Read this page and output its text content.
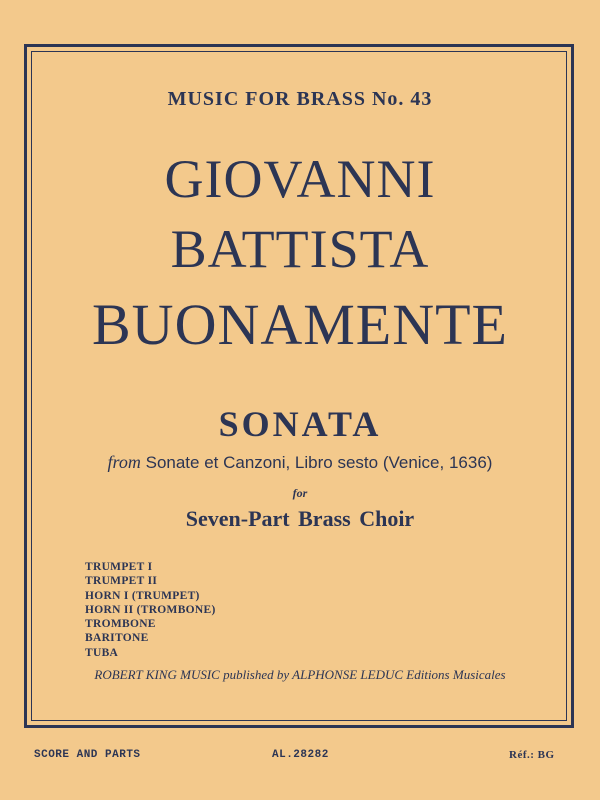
MUSIC FOR BRASS No. 43
GIOVANNI
BATTISTA
BUONAMENTE
SONATA
from Sonate et Canzoni, Libro sesto (Venice, 1636)
for
Seven-Part Brass Choir
TRUMPET I
TRUMPET II
HORN I (TRUMPET)
HORN II (TROMBONE)
TROMBONE
BARITONE
TUBA
ROBERT KING MUSIC published by ALPHONSE LEDUC Editions Musicales
SCORE AND PARTS	AL.28282	Réf.: BG
